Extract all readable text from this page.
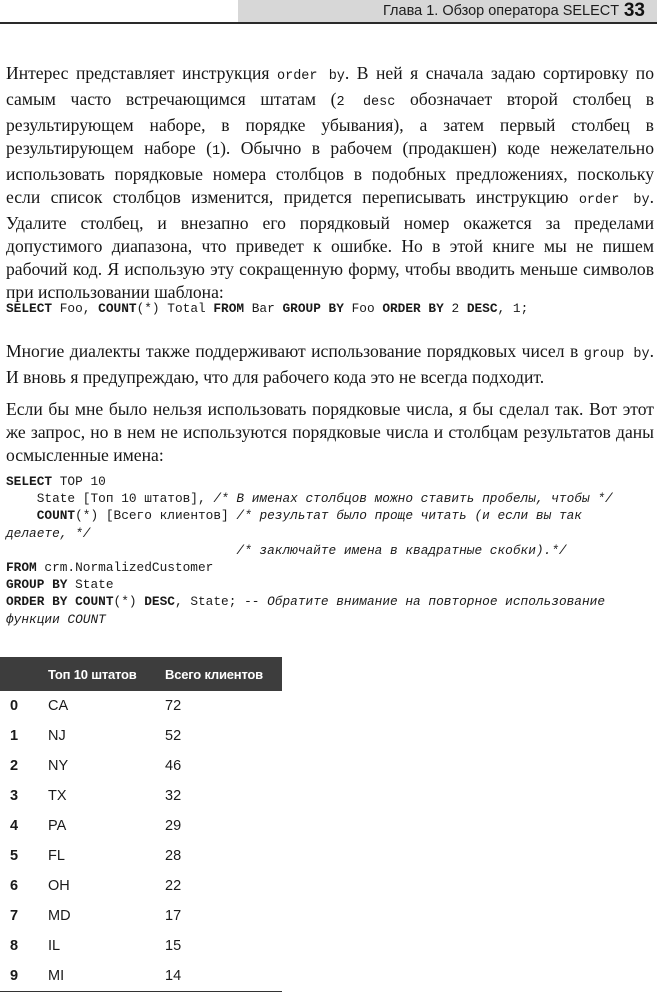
Глава 1. Обзор оператора SELECT 33

Интерес представляет инструкция order by. В ней я сначала задаю сортировку по самым часто встречающимся штатам (2 desc обозначает второй столбец в результирующем наборе, в порядке убывания), а затем первый столбец в результирующем наборе (1). Обычно в рабочем (продакшен) коде нежелательно использовать порядковые номера столбцов в подобных предложениях, поскольку если список столбцов изменится, придется переписывать инструкцию order by. Удалите столбец, и внезапно его порядковый номер окажется за пределами допустимого диапазона, что приведет к ошибке. Но в этой книге мы не пишем рабочий код. Я использую эту сокращенную форму, чтобы вводить меньше символов при использовании шаблона:

SELECT Foo, COUNT(*) Total FROM Bar GROUP BY Foo ORDER BY 2 DESC, 1;

Многие диалекты также поддерживают использование порядковых чисел в group by. И вновь я предупреждаю, что для рабочего кода это не всегда подходит.

Если бы мне было нельзя использовать порядковые числа, я бы сделал так. Вот этот же запрос, но в нем не используются порядковые числа и столбцам результатов даны осмысленные имена:

SELECT TOP 10
State [Топ 10 штатов], /* В именах столбцов можно ставить пробелы, чтобы */
COUNT(*) [Всего клиентов] /* результат было проще читать (и если вы так
делаете, */
/* заключайте имена в квадратные скобки).*/
FROM crm.NormalizedCustomer
GROUP BY State
ORDER BY COUNT(*) DESC, State; -- Обратите внимание на повторное использование
функции COUNT
	Топ 10 штатов	Всего клиентов
0	CA	72
1	NJ	52
2	NY	46
3	TX	32
4	PA	29
5	FL	28
6	OH	22
7	MD	17
8	IL	15
9	MI	14
